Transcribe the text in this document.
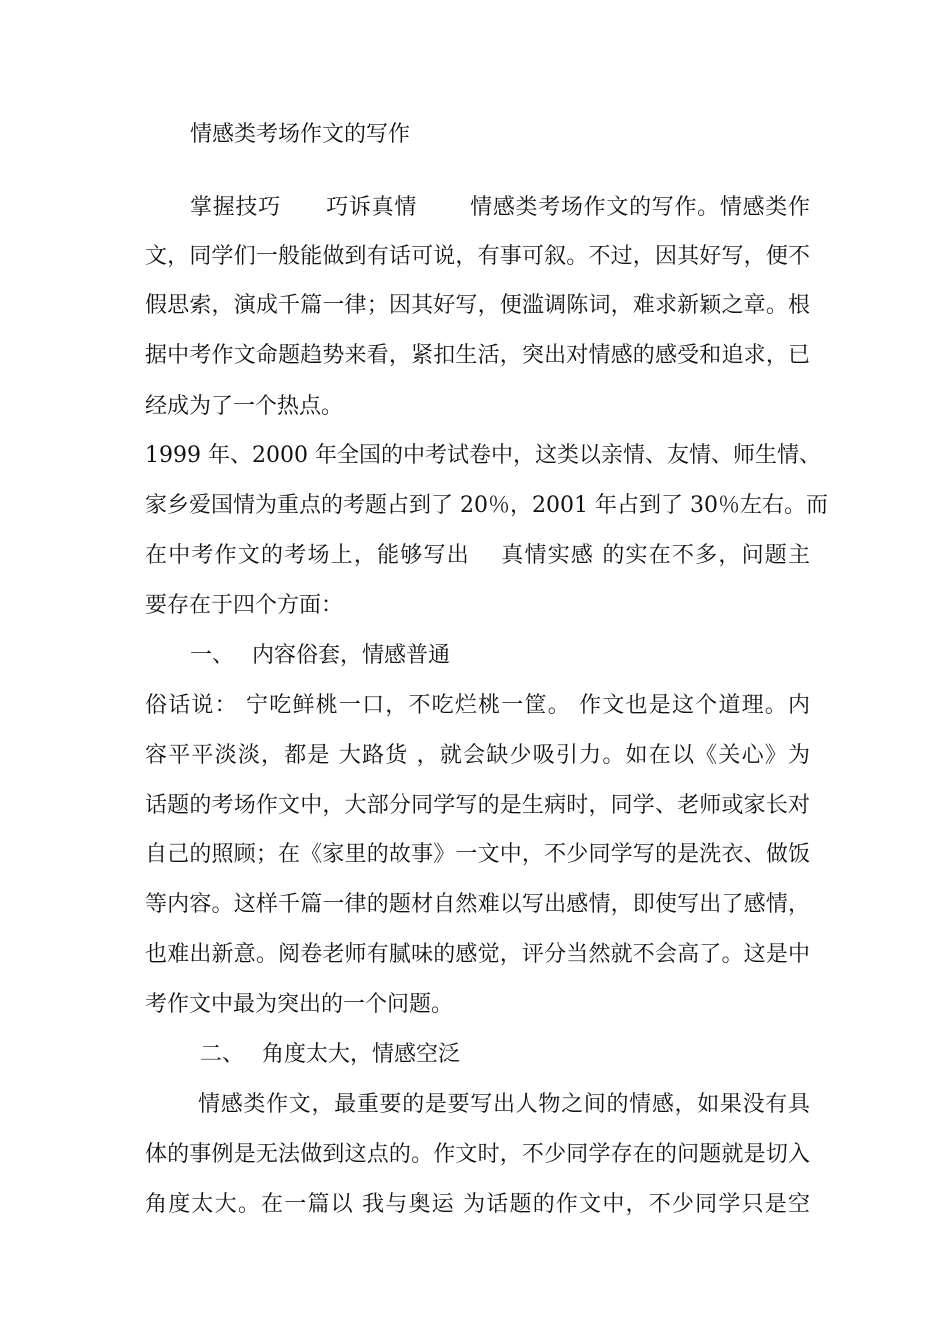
情感类考场作文的写作
掌握技巧　　巧诉真情 　　情感类考场作文的写作。情感类作
文，同学们一般能做到有话可说，有事可叙。不过，因其好写，便不
假思索，演成千篇一律；因其好写，便滥调陈词，难求新颖之章。根
据中考作文命题趋势来看，紧扣生活，突出对情感的感受和追求，已
经成为了一个热点。
1999 年、2000 年全国的中考试卷中，这类以亲情、友情、师生情、
家乡爱国情为重点的考题占到了 20％，2001 年占到了 30％左右。而
在中考作文的考场上，能够写出　 真情实感 的实在不多，问题主
要存在于四个方面：
一、　 内容俗套，情感普通
俗话说： 宁吃鲜桃一口，不吃烂桃一筐。 作文也是这个道理。内
容平平淡淡，都是 大路货 ，就会缺少吸引力。如在以《关心》为
话题的考场作文中，大部分同学写的是生病时，同学、老师或家长对
自己的照顾；在《家里的故事》一文中，不少同学写的是洗衣、做饭
等内容。这样千篇一律的题材自然难以写出感情，即使写出了感情，
也难出新意。阅卷老师有腻味的感觉，评分当然就不会高了。这是中
考作文中最为突出的一个问题。
二、　 角度太大，情感空泛
情感类作文，最重要的是要写出人物之间的情感，如果没有具
体的事例是无法做到这点的。作文时，不少同学存在的问题就是切入
角度太大。在一篇以 我与奥运 为话题的作文中，不少同学只是空
